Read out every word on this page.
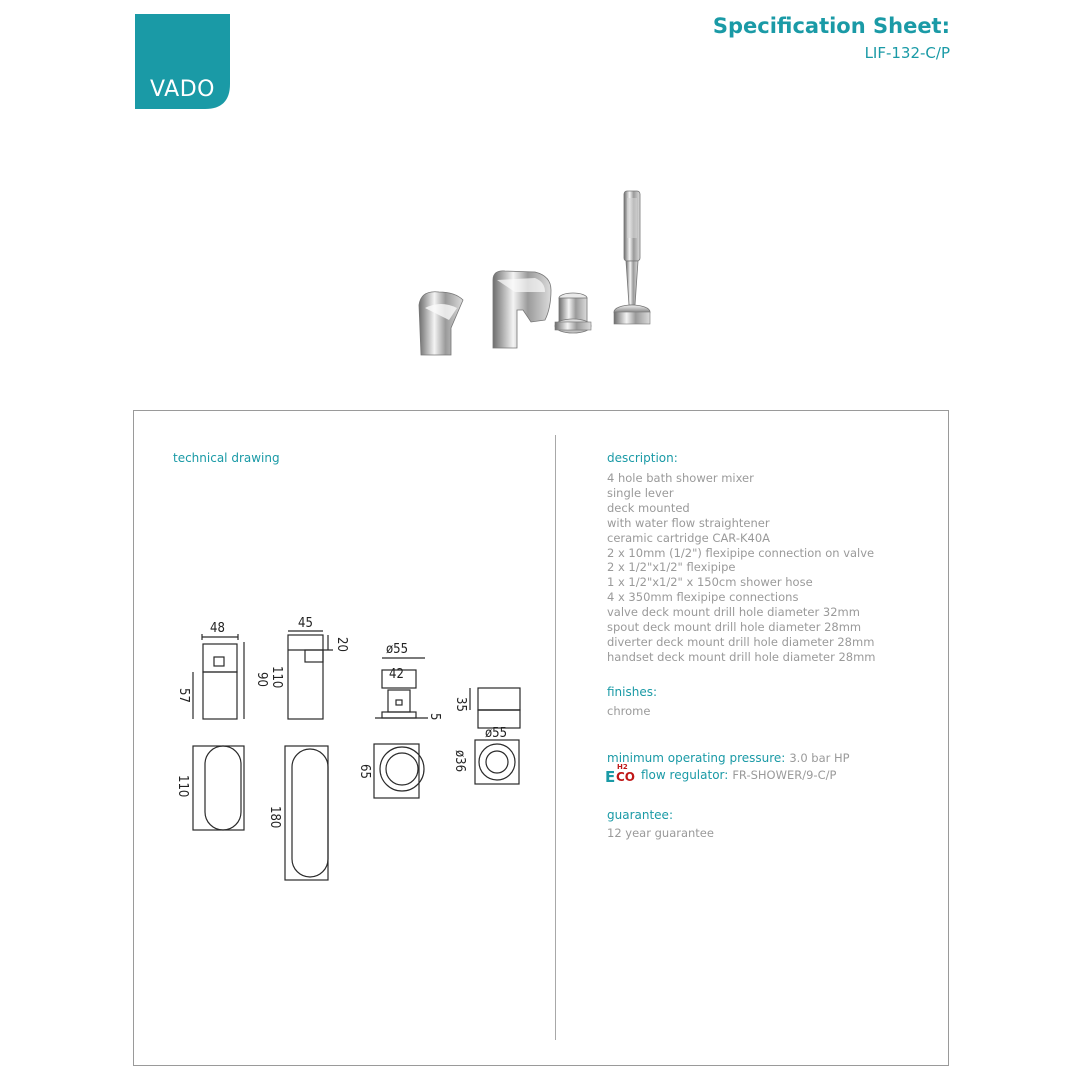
VADO
Specification Sheet:
LIF-132-C/P
technical drawing
48
90
57
45
20
110
ø55
42
5
35
ø55
110
180
65	ø36
description:
4 hole bath shower mixer
single lever
deck mounted
with water flow straightener
ceramic cartridge CAR-K40A
2 x 10mm (1/2") flexipipe connection on valve
2 x 1/2"x1/2" flexipipe
1 x 1/2"x1/2" x 150cm shower hose
4 x 350mm flexipipe connections
valve deck mount drill hole diameter 32mm
spout deck mount drill hole diameter 28mm
diverter deck mount drill hole diameter 28mm
handset deck mount drill hole diameter 28mm
finishes:
chrome
minimum operating pressure: 3.0 bar HP
E
H2
CO flow regulator: FR-SHOWER/9-C/P
guarantee:
12 year guarantee
